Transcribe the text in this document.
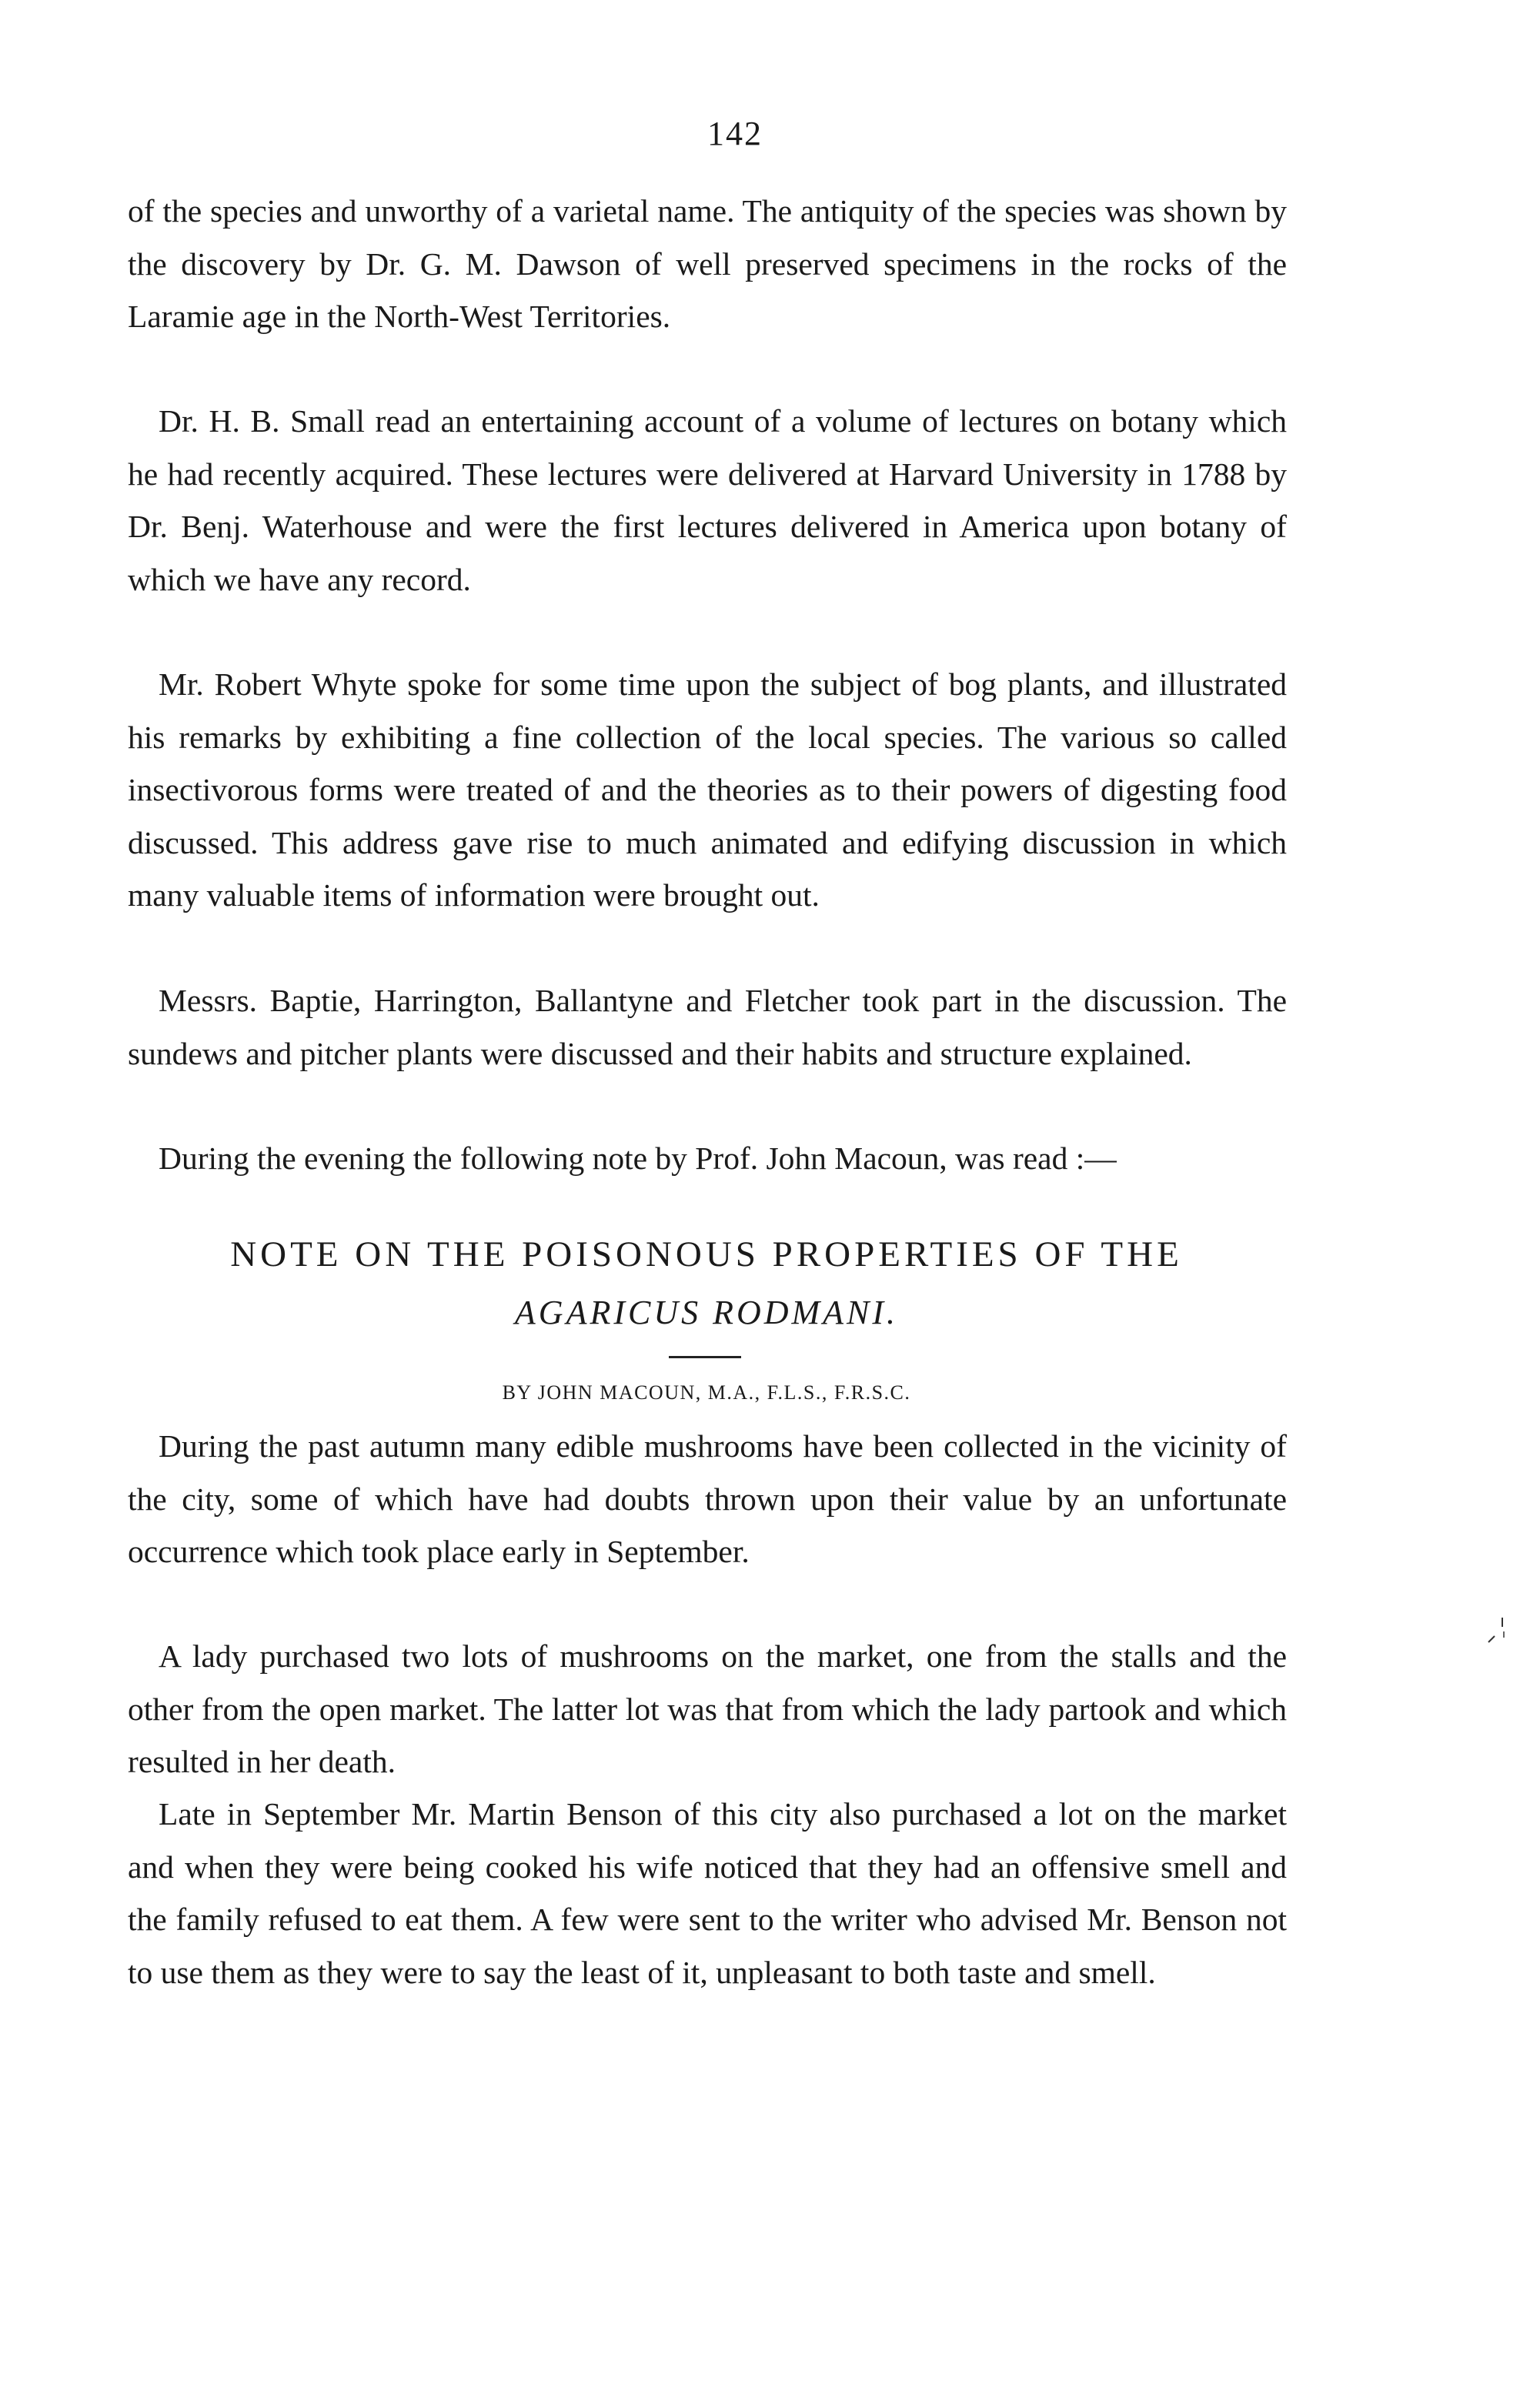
142

of the species and unworthy of a varietal name. The antiquity of the species was shown by the discovery by Dr. G. M. Dawson of well preserved specimens in the rocks of the Laramie age in the North-West Territories.

Dr. H. B. Small read an entertaining account of a volume of lectures on botany which he had recently acquired. These lectures were delivered at Harvard University in 1788 by Dr. Benj. Waterhouse and were the first lectures delivered in America upon botany of which we have any record.

Mr. Robert Whyte spoke for some time upon the subject of bog plants, and illustrated his remarks by exhibiting a fine collection of the local species. The various so called insectivorous forms were treated of and the theories as to their powers of digesting food discussed. This address gave rise to much animated and edifying discussion in which many valuable items of information were brought out.

Messrs. Baptie, Harrington, Ballantyne and Fletcher took part in the discussion. The sundews and pitcher plants were discussed and their habits and structure explained.

During the evening the following note by Prof. John Macoun, was read :—

NOTE ON THE POISONOUS PROPERTIES OF THE
AGARICUS RODMANI.
BY JOHN MACOUN, M.A., F.L.S., F.R.S.C.

During the past autumn many edible mushrooms have been collected in the vicinity of the city, some of which have had doubts thrown upon their value by an unfortunate occurrence which took place early in September.

A lady purchased two lots of mushrooms on the market, one from the stalls and the other from the open market. The latter lot was that from which the lady partook and which resulted in her death.

Late in September Mr. Martin Benson of this city also purchased a lot on the market and when they were being cooked his wife noticed that they had an offensive smell and the family refused to eat them. A few were sent to the writer who advised Mr. Benson not to use them as they were to say the least of it, unpleasant to both taste and smell.
